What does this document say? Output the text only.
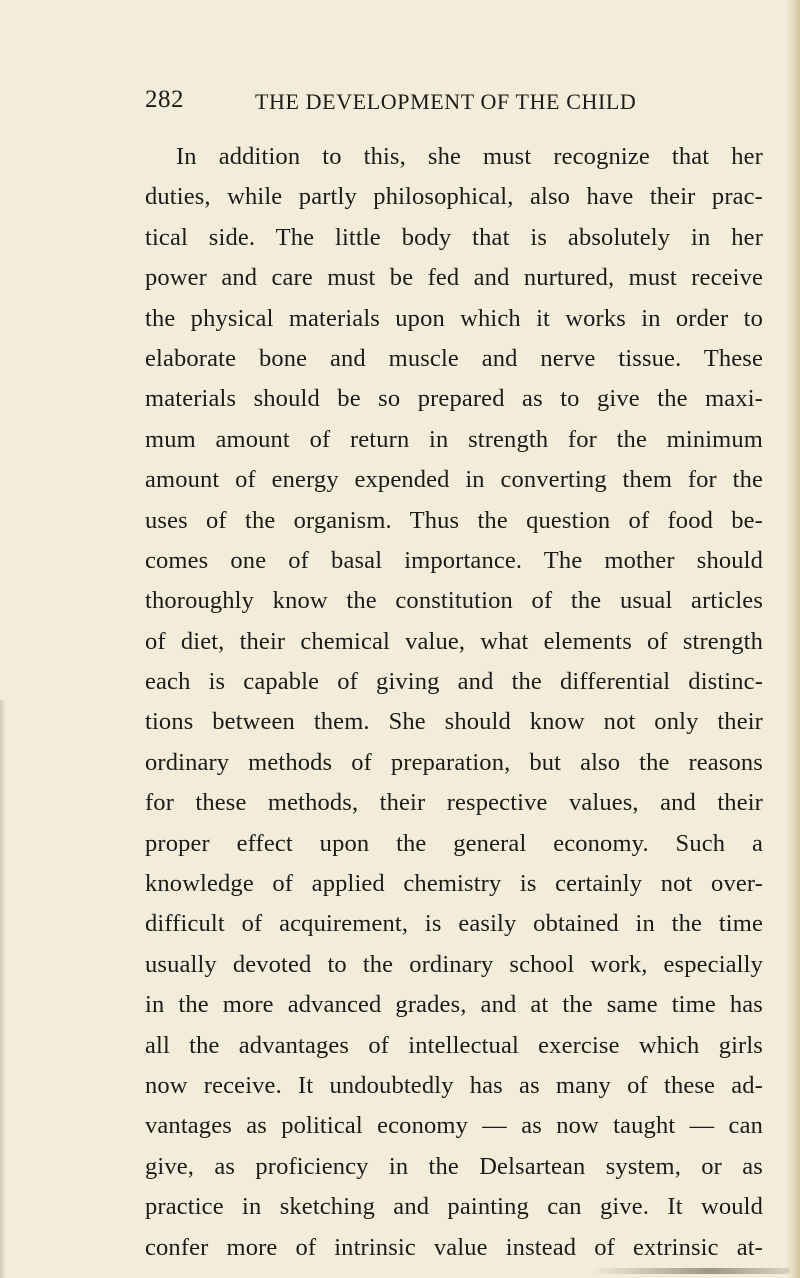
282	THE DEVELOPMENT OF THE CHILD
In addition to this, she must recognize that her
duties, while partly philosophical, also have their prac-
tical side. The little body that is absolutely in her
power and care must be fed and nurtured, must receive
the physical materials upon which it works in order to
elaborate bone and muscle and nerve tissue. These
materials should be so prepared as to give the maxi-
mum amount of return in strength for the minimum
amount of energy expended in converting them for the
uses of the organism. Thus the question of food be-
comes one of basal importance. The mother should
thoroughly know the constitution of the usual articles
of diet, their chemical value, what elements of strength
each is capable of giving and the differential distinc-
tions between them. She should know not only their
ordinary methods of preparation, but also the reasons
for these methods, their respective values, and their
proper effect upon the general economy. Such a
knowledge of applied chemistry is certainly not over-
difficult of acquirement, is easily obtained in the time
usually devoted to the ordinary school work, especially
in the more advanced grades, and at the same time has
all the advantages of intellectual exercise which girls
now receive. It undoubtedly has as many of these ad-
vantages as political economy — as now taught — can
give, as proficiency in the Delsartean system, or as
practice in sketching and painting can give. It would
confer more of intrinsic value instead of extrinsic at-
